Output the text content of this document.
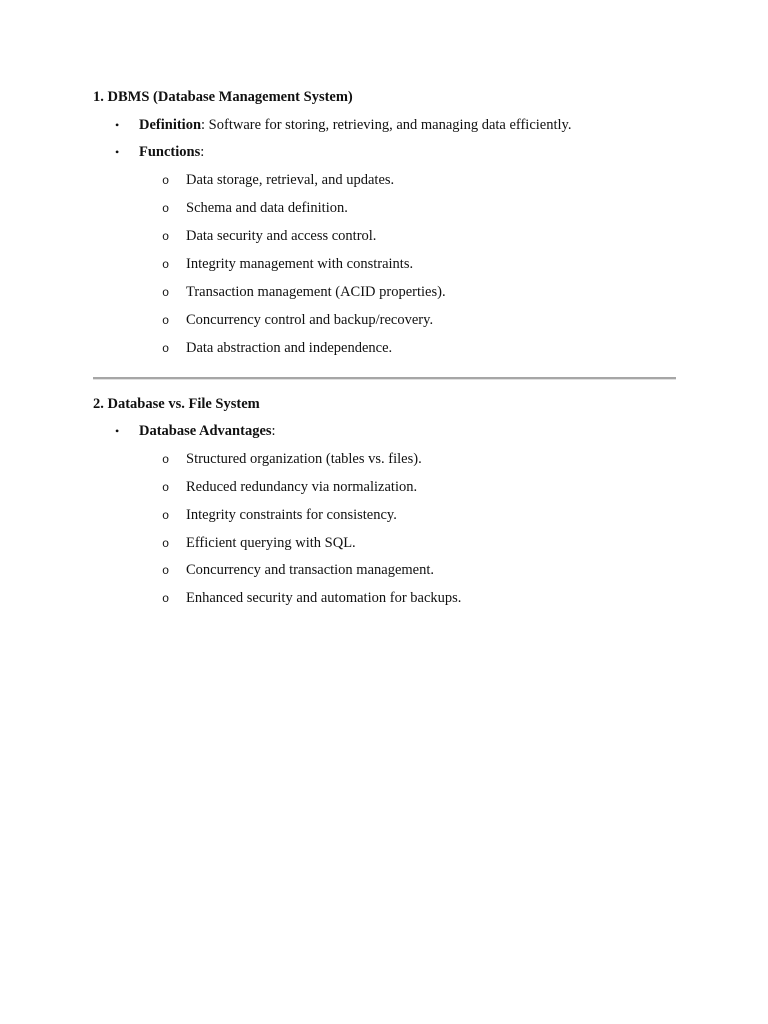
1. DBMS (Database Management System)
• Definition: Software for storing, retrieving, and managing data efficiently.
• Functions:
o Data storage, retrieval, and updates.
o Schema and data definition.
o Data security and access control.
o Integrity management with constraints.
o Transaction management (ACID properties).
o Concurrency control and backup/recovery.
o Data abstraction and independence.
2. Database vs. File System
• Database Advantages:
o Structured organization (tables vs. files).
o Reduced redundancy via normalization.
o Integrity constraints for consistency.
o Efficient querying with SQL.
o Concurrency and transaction management.
o Enhanced security and automation for backups.
